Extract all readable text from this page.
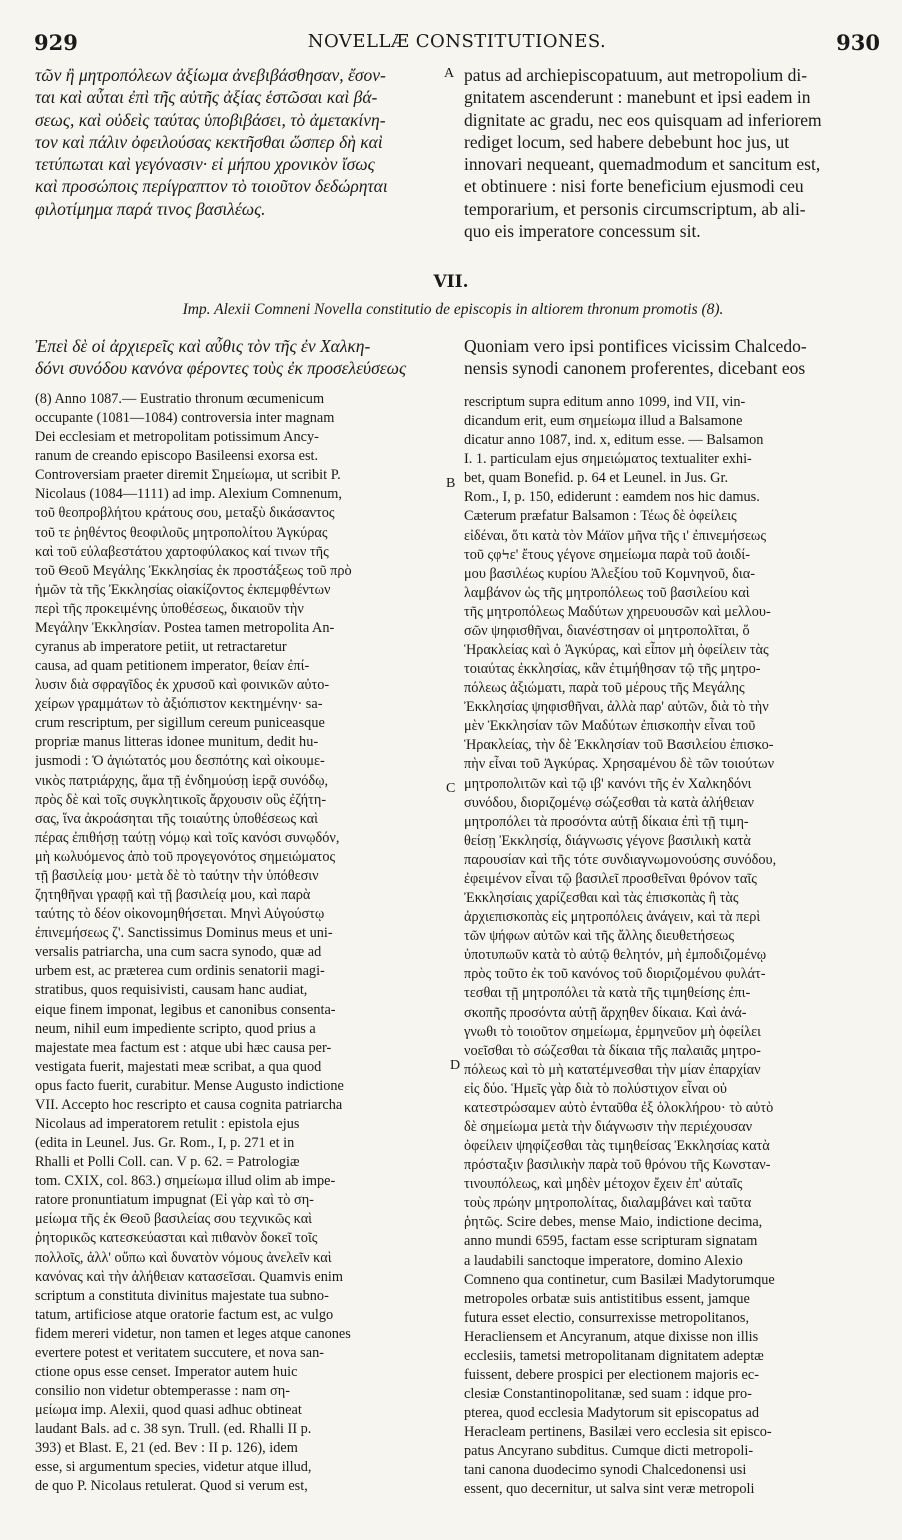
929	NOVELLÆ CONSTITUTIONES.	930
A
B
C
D

τῶν ἢ μητροπόλεων ἀξίωμα ἀνεβιβάσθησαν, ἔσον-

ται καὶ αὗται ἐπὶ τῆς αὐτῆς ἀξίας ἑστῶσαι καὶ βά-

σεως, καὶ οὐδεὶς ταύτας ὑποβιβάσει, τὸ ἀμετακίνη-

τον καὶ πάλιν ὀφειλούσας κεκτῆσθαι ὥσπερ δὴ καὶ

τετύπωται καὶ γεγόνασιν· εἰ μήπου χρονικὸν ἴσως

καὶ προσώποις περίγραπτον τὸ τοιοῦτον δεδώρηται

φιλοτίμημα παρά τινος βασιλέως.

patus ad archiepiscopatuum, aut metropolium di-

gnitatem ascenderunt : manebunt et ipsi eadem in

dignitate ac gradu, nec eos quisquam ad inferiorem

rediget locum, sed habere debebunt hoc jus, ut

innovari nequeant, quemadmodum et sancitum est,

et obtinuere : nisi forte beneficium ejusmodi ceu

temporarium, et personis circumscriptum, ab ali-

quo eis imperatore concessum sit.

VII.
Imp. Alexii Comneni Novella constitutio de episcopis in altiorem thronum promotis (8).

Ἐπεὶ δὲ οἱ ἀρχιερεῖς καὶ αὖθις τὸν τῆς ἐν Χαλκη-

δόνι συνόδου κανόνα φέροντες τοὺς ἐκ προσελεύσεως

Quoniam vero ipsi pontifices vicissim Chalcedo-

nensis synodi canonem proferentes, dicebant eos

(8) Anno 1087.— Eustratio thronum œcumenicum

occupante (1081—1084) controversia inter magnam

Dei ecclesiam et metropolitam potissimum Ancy-

ranum de creando episcopo Basileensi exorsa est.

Controversiam praeter diremit Σημείωμα, ut scribit P.

Nicolaus (1084—1111) ad imp. Alexium Comnenum,

τοῦ θεοπροβλήτου κράτους σου, μεταξὺ δικάσαντος

τοῦ τε ῥηθέντος θεοφιλοῦς μητροπολίτου Ἀγκύρας

καὶ τοῦ εὐλαβεστάτου χαρτοφύλακος καί τινων τῆς

τοῦ Θεοῦ Μεγάλης Ἐκκλησίας ἐκ προστάξεως τοῦ πρὸ

ἡμῶν τὰ τῆς Ἐκκλησίας οἰακίζοντος ἐκπεμφθέντων

περὶ τῆς προκειμένης ὑποθέσεως, δικαιοῦν τὴν

Μεγάλην Ἐκκλησίαν. Postea tamen metropolita An-

cyranus ab imperatore petiit, ut retractaretur

causa, ad quam petitionem imperator, θείαν ἐπί-

λυσιν διὰ σφραγῖδος ἐκ χρυσοῦ καὶ φοινικῶν αὐτο-

χείρων γραμμάτων τὸ ἀξιόπιστον κεκτημένην· sa-

crum rescriptum, per sigillum cereum puniceasque

propriæ manus litteras idonee munitum, dedit hu-

jusmodi : Ὁ ἁγιώτατός μου δεσπότης καὶ οἰκουμε-

νικὸς πατριάρχης, ἅμα τῇ ἐνδημούσῃ ἱερᾷ συνόδῳ,

πρὸς δὲ καὶ τοῖς συγκλητικοῖς ἄρχουσιν οὓς ἐζήτη-

σας, ἵνα ἀκροάσηται τῆς τοιαύτης ὑποθέσεως καὶ

πέρας ἐπιθήσῃ ταύτῃ νόμῳ καὶ τοῖς κανόσι συνῳδόν,

μὴ κωλυόμενος ἀπὸ τοῦ προγεγονότος σημειώματος

τῇ βασιλείᾳ μου· μετὰ δὲ τὸ ταύτην τὴν ὑπόθεσιν

ζητηθῆναι γραφῇ καὶ τῇ βασιλείᾳ μου, καὶ παρὰ

ταύτης τὸ δέον οἰκονομηθήσεται. Μηνὶ Αὐγούστῳ

ἐπινεμήσεως ζ'. Sanctissimus Dominus meus et uni-

versalis patriarcha, una cum sacra synodo, quæ ad

urbem est, ac præterea cum ordinis senatorii magi-

stratibus, quos requisivisti, causam hanc audiat,

eique finem imponat, legibus et canonibus consenta-

neum, nihil eum impediente scripto, quod prius a

majestate mea factum est : atque ubi hæc causa per-

vestigata fuerit, majestati meæ scribat, a qua quod

opus facto fuerit, curabitur. Mense Augusto indictione

VII. Accepto hoc rescripto et causa cognita patriarcha

Nicolaus ad imperatorem retulit : epistola ejus

(edita in Leunel. Jus. Gr. Rom., I, p. 271 et in

Rhalli et Polli Coll. can. V p. 62. = Patrologiæ

tom. CXIX, col. 863.) σημείωμα illud olim ab impe-

ratore pronuntiatum impugnat (Εἰ γὰρ καὶ τὸ ση-

μείωμα τῆς ἐκ Θεοῦ βασιλείας σου τεχνικῶς καὶ

ῥητορικῶς κατεσκεύασται καὶ πιθανὸν δοκεῖ τοῖς

πολλοῖς, ἀλλ' οὔπω καὶ δυνατὸν νόμους ἀνελεῖν καὶ

κανόνας καὶ τὴν ἀλήθειαν κατασεῖσαι. Quamvis enim

scriptum a constituta divinitus majestate tua subno-

tatum, artificiose atque oratorie factum est, ac vulgo

fidem mereri videtur, non tamen et leges atque canones

evertere potest et veritatem succutere, et nova san-

ctione opus esse censet. Imperator autem huic

consilio non videtur obtemperasse : nam ση-

μείωμα imp. Alexii, quod quasi adhuc obtineat

laudant Bals. ad c. 38 syn. Trull. (ed. Rhalli II p.

393) et Blast. E, 21 (ed. Bev : II p. 126), idem

esse, si argumentum species, videtur atque illud,

de quo P. Nicolaus retulerat. Quod si verum est,

rescriptum supra editum anno 1099, ind VII, vin-

dicandum erit, eum σημείωμα illud a Balsamone

dicatur anno 1087, ind. x, editum esse. — Balsamon

I. 1. particulam ejus σημειώματος textualiter exhi-

bet, quam Bonefid. p. 64 et Leunel. in Jus. Gr.

Rom., I, p. 150, ediderunt : eamdem nos hic damus.

Cæterum præfatur Balsamon : Τέως δὲ ὀφείλεις

εἰδέναι, ὅτι κατὰ τὸν Μάϊον μῆνα τῆς ι' ἐπινεμήσεως

τοῦ ςφϞε' ἔτους γέγονε σημείωμα παρὰ τοῦ ἀοιδί-

μου βασιλέως κυρίου Ἀλεξίου τοῦ Κομνηνοῦ, δια-

λαμβάνον ὡς τῆς μητροπόλεως τοῦ βασιλείου καὶ

τῆς μητροπόλεως Μαδύτων χηρευουσῶν καὶ μελλου-

σῶν ψηφισθῆναι, διανέστησαν οἱ μητροπολῖται, ὅ

Ἡρακλείας καὶ ὁ Ἀγκύρας, καὶ εἶπον μὴ ὀφείλειν τὰς

τοιαύτας ἐκκλησίας, κἂν ἐτιμήθησαν τῷ τῆς μητρο-

πόλεως ἀξιώματι, παρὰ τοῦ μέρους τῆς Μεγάλης

Ἐκκλησίας ψηφισθῆναι, ἀλλὰ παρ' αὐτῶν, διὰ τὸ τὴν

μὲν Ἐκκλησίαν τῶν Μαδύτων ἐπισκοπὴν εἶναι τοῦ

Ἡρακλείας, τὴν δὲ Ἐκκλησίαν τοῦ Βασιλείου ἐπισκο-

πὴν εἶναι τοῦ Ἀγκύρας. Χρησαμένου δὲ τῶν τοιούτων

μητροπολιτῶν καὶ τῷ ιβ' κανόνι τῆς ἐν Χαλκηδόνι

συνόδου, διοριζομένῳ σώζεσθαι τὰ κατὰ ἀλήθειαν

μητροπόλει τὰ προσόντα αὐτῇ δίκαια ἐπὶ τῇ τιμη-

θείσῃ Ἐκκλησίᾳ, διάγνωσις γέγονε βασιλικὴ κατὰ

παρουσίαν καὶ τῆς τότε συνδιαγνωμονούσης συνόδου,

ἐφειμένον εἶναι τῷ βασιλεῖ προσθεῖναι θρόνον ταῖς

Ἐκκλησίαις χαρίζεσθαι καὶ τὰς ἐπισκοπὰς ἢ τὰς

ἀρχιεπισκοπὰς εἰς μητροπόλεις ἀνάγειν, καὶ τὰ περὶ

τῶν ψήφων αὐτῶν καὶ τῆς ἄλλης διευθετήσεως

ὑποτυπωῦν κατὰ τὸ αὐτῷ θελητόν, μὴ ἐμποδιζομένῳ

πρὸς τοῦτο ἐκ τοῦ κανόνος τοῦ διοριζομένου φυλάτ-

τεσθαι τῇ μητροπόλει τὰ κατὰ τῆς τιμηθείσης ἐπι-

σκοπῆς προσόντα αὐτῇ ἄρχηθεν δίκαια. Καὶ ἀνά-

γνωθι τὸ τοιοῦτον σημείωμα, ἑρμηνεῦον μὴ ὀφείλει

νοεῖσθαι τὸ σώζεσθαι τὰ δίκαια τῆς παλαιᾶς μητρο-

πόλεως καὶ τὸ μὴ κατατέμνεσθαι τὴν μίαν ἐπαρχίαν

εἰς δύο. Ἡμεῖς γὰρ διὰ τὸ πολύστιχον εἶναι οὐ

κατεστρώσαμεν αὐτὸ ἐνταῦθα ἐξ ὁλοκλήρου· τὸ αὐτὸ

δὲ σημείωμα μετὰ τὴν διάγνωσιν τὴν περιέχουσαν

ὀφείλειν ψηφίζεσθαι τὰς τιμηθείσας Ἐκκλησίας κατὰ

πρόσταξιν βασιλικὴν παρὰ τοῦ θρόνου τῆς Κωνσταν-

τινουπόλεως, καὶ μηδὲν μέτοχον ἔχειν ἐπ' αὐταῖς

τοὺς πρώην μητροπολίτας, διαλαμβάνει καὶ ταῦτα

ῥητῶς. Scire debes, mense Maio, indictione decima,

anno mundi 6595, factam esse scripturam signatam

a laudabili sanctoque imperatore, domino Alexio

Comneno qua continetur, cum Basilæi Madytorumque

metropoles orbatæ suis antistitibus essent, jamque

futura esset electio, consurrexisse metropolitanos,

Heracliensem et Ancyranum, atque dixisse non illis

ecclesiis, tametsi metropolitanam dignitatem adeptæ

fuissent, debere prospici per electionem majoris ec-

clesiæ Constantinopolitanæ, sed suam : idque pro-

pterea, quod ecclesia Madytorum sit episcopatus ad

Heracleam pertinens, Basilæi vero ecclesia sit episco-

patus Ancyrano subditus. Cumque dicti metropoli-

tani canona duodecimo synodi Chalcedonensi usi

essent, quo decernitur, ut salva sint veræ metropoli
